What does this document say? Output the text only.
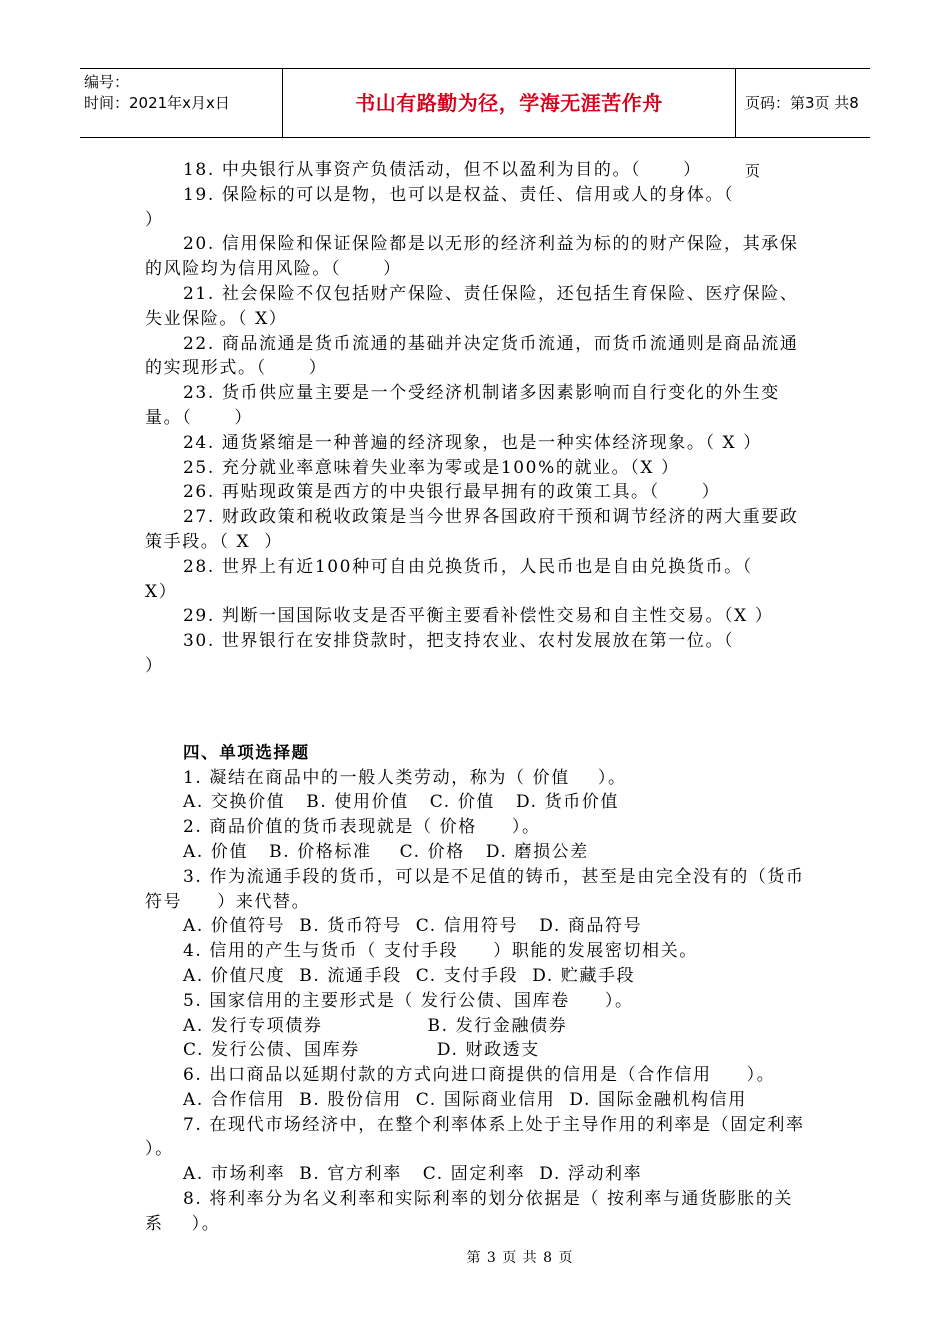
编号：
时间：2021年x月x日	书山有路勤为径，学海无涯苦作舟	页码：第3页 共8页

18. 中央银行从事资产负债活动，但不以盈利为目的。（      ）

19. 保险标的可以是物，也可以是权益、责任、信用或人的身体。（
）

20. 信用保险和保证保险都是以无形的经济利益为标的的财产保险，其承保的风险均为信用风险。（      ）

21. 社会保险不仅包括财产保险、责任保险，还包括生育保险、医疗保险、失业保险。（ X）

22. 商品流通是货币流通的基础并决定货币流通，而货币流通则是商品流通的实现形式。（      ）

23. 货币供应量主要是一个受经济机制诸多因素影响而自行变化的外生变量。（      ）

24. 通货紧缩是一种普遍的经济现象，也是一种实体经济现象。（ X ）

25. 充分就业率意味着失业率为零或是100%的就业。（X ）

26. 再贴现政策是西方的中央银行最早拥有的政策工具。（      ）

27. 财政政策和税收政策是当今世界各国政府干预和调节经济的两大重要政策手段。（ X  ）

28. 世界上有近100种可自由兑换货币，人民币也是自由兑换货币。（
X）

29. 判断一国国际收支是否平衡主要看补偿性交易和自主性交易。（X ）

30. 世界银行在安排贷款时，把支持农业、农村发展放在第一位。（
）

四、单项选择题

1. 凝结在商品中的一般人类劳动，称为（ 价值    ）。

A. 交换价值   B. 使用价值   C. 价值   D. 货币价值

2. 商品价值的货币表现就是（ 价格     ）。

A. 价值   B. 价格标准    C. 价格   D. 磨损公差

3. 作为流通手段的货币，可以是不足值的铸币，甚至是由完全没有的（货币符号     ）来代替。

A. 价值符号  B. 货币符号  C. 信用符号   D. 商品符号

4. 信用的产生与货币（ 支付手段     ）职能的发展密切相关。

A. 价值尺度  B. 流通手段  C. 支付手段  D. 贮藏手段

5. 国家信用的主要形式是（ 发行公债、国库卷     ）。

A. 发行专项债券               B. 发行金融债券

C. 发行公债、国库券           D. 财政透支

6. 出口商品以延期付款的方式向进口商提供的信用是（合作信用     ）。

A. 合作信用  B. 股份信用  C. 国际商业信用  D. 国际金融机构信用

7. 在现代市场经济中，在整个利率体系上处于主导作用的利率是（固定利率     ）。

A. 市场利率  B. 官方利率   C. 固定利率  D. 浮动利率

8. 将利率分为名义利率和实际利率的划分依据是（ 按利率与通货膨胀的关系    ）。

第 3 页 共 8 页
